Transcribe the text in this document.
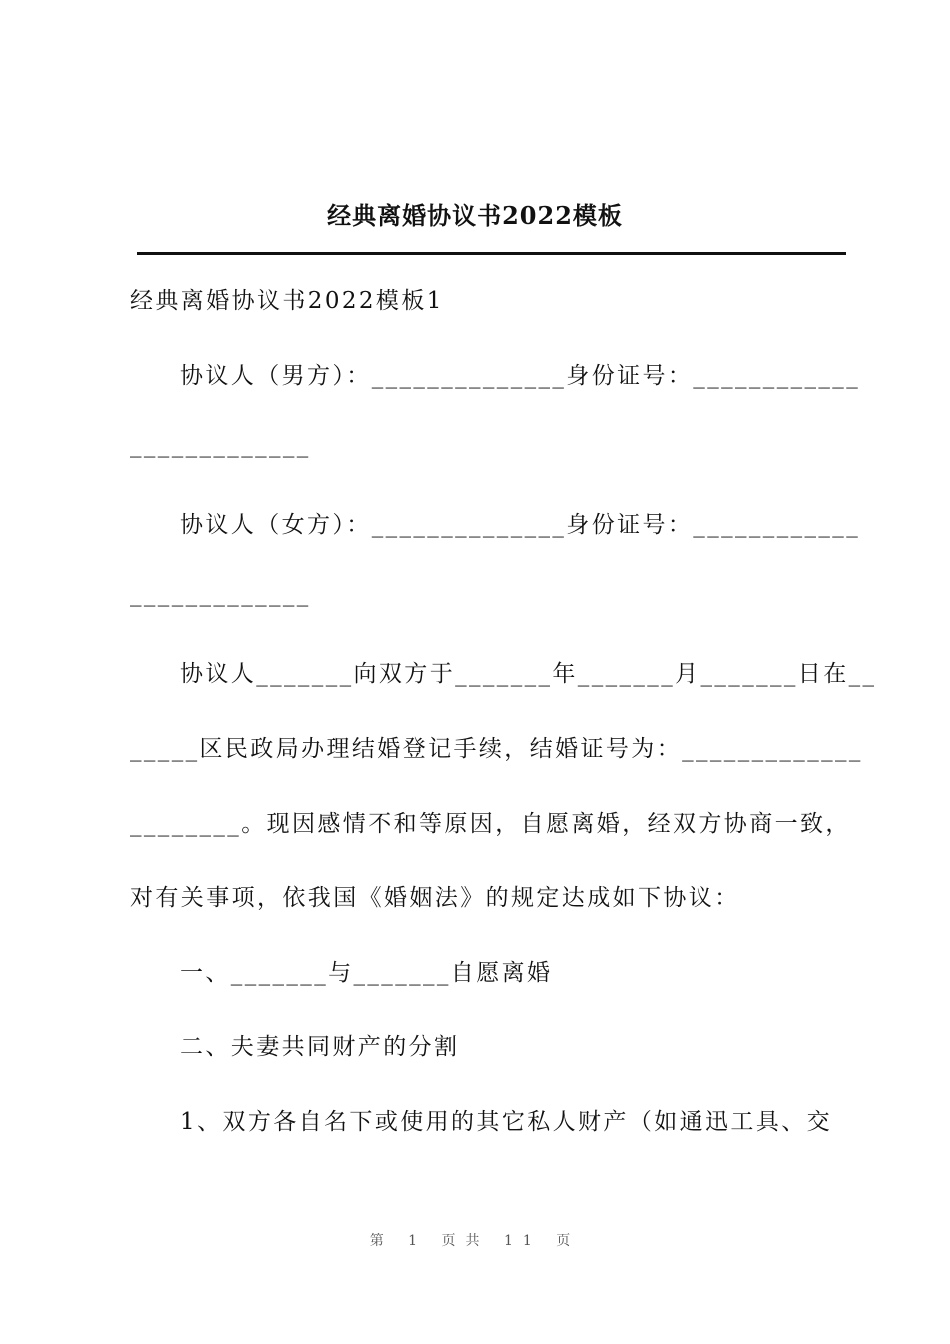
经典离婚协议书2022模板
经典离婚协议书2022模板1
协议人（男方）：______________身份证号：____________
_____________
协议人（女方）：______________身份证号：____________
_____________
协议人_______向双方于_______年_______月_______日在__
_____区民政局办理结婚登记手续，结婚证号为：_____________
________。现因感情不和等原因，自愿离婚，经双方协商一致，
对有关事项，依我国《婚姻法》的规定达成如下协议：
一、_______与_______自愿离婚
二、夫妻共同财产的分割
1、双方各自名下或使用的其它私人财产（如通迅工具、交
第 1 页共 11 页
